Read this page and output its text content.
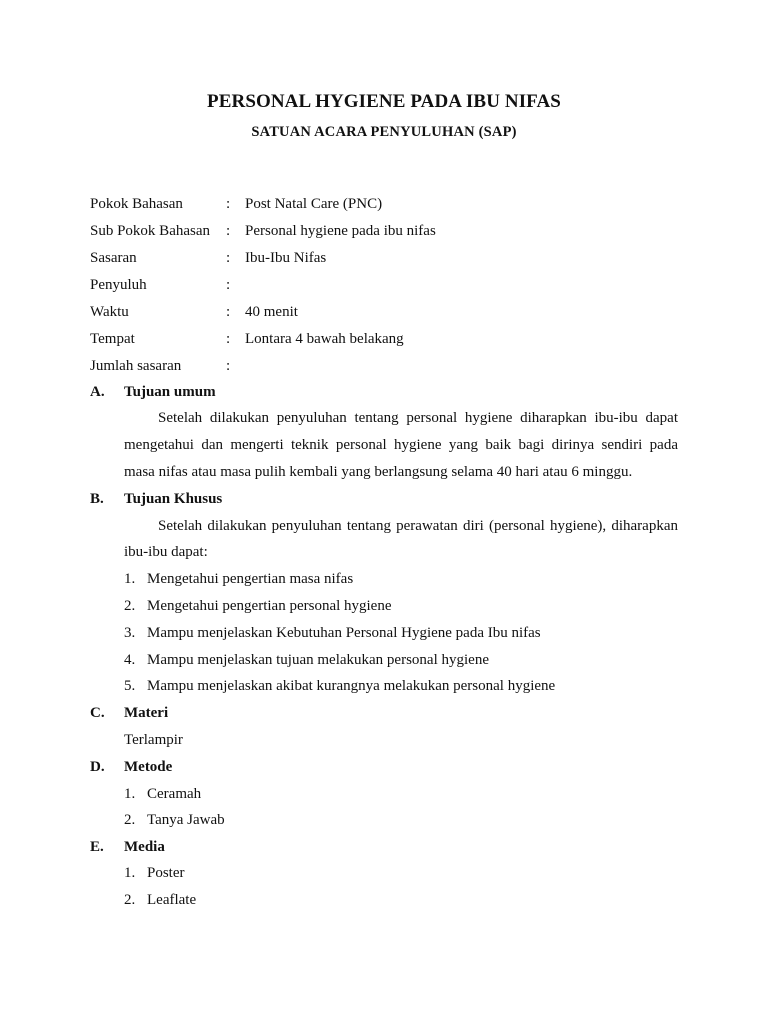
PERSONAL HYGIENE PADA IBU NIFAS
SATUAN ACARA PENYULUHAN (SAP)
Pokok Bahasan	: Post Natal Care (PNC)
Sub Pokok Bahasan : Personal hygiene pada ibu nifas
Sasaran	: Ibu-Ibu Nifas
Penyuluh	:
Waktu	: 40 menit
Tempat	: Lontara 4 bawah belakang
Jumlah sasaran	:
A. Tujuan umum
Setelah dilakukan penyuluhan tentang personal hygiene diharapkan ibu-ibu dapat
mengetahui dan mengerti teknik personal hygiene yang baik bagi dirinya sendiri pada
masa nifas atau masa pulih kembali yang berlangsung selama 40 hari atau 6 minggu.
B. Tujuan Khusus
Setelah dilakukan penyuluhan tentang perawatan diri (personal hygiene), diharapkan
ibu-ibu dapat:
1. Mengetahui pengertian masa nifas
2. Mengetahui pengertian personal hygiene
3. Mampu menjelaskan Kebutuhan Personal Hygiene pada Ibu nifas
4. Mampu menjelaskan tujuan melakukan personal hygiene
5. Mampu menjelaskan akibat kurangnya melakukan personal hygiene
C. Materi
Terlampir
D. Metode
1. Ceramah
2. Tanya Jawab
E. Media
1. Poster
2. Leaflate
